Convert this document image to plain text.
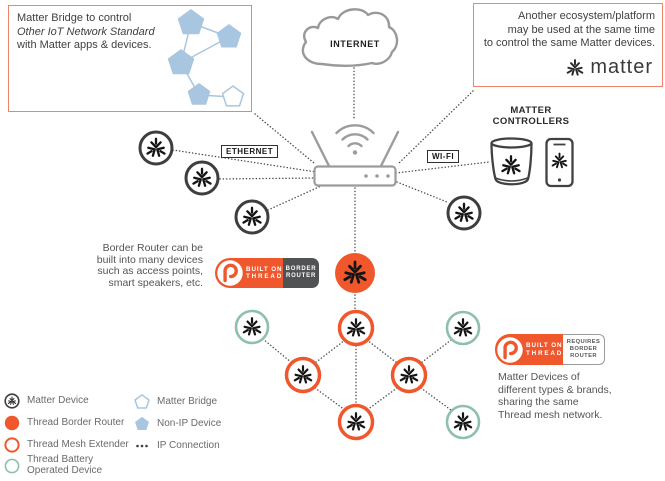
Matter Bridge to control
Other IoT Network Standard
with Matter apps & devices.
Another ecosystem/platform
may be used at the same time
to control the same Matter devices.
matter
INTERNET
ETHERNET
WI-FI
MATTER
CONTROLLERS
Border Router can be
built into many devices
such as access points,
smart speakers, etc.
Matter Devices of
different types & brands,
sharing the same
Thread mesh network.
BUILT ON
THREAD
BORDER
ROUTER
BUILT ON
THREAD
REQUIRES
BORDER
ROUTER
Matter Device
Thread Border Router
Thread Mesh Extender
Thread Battery
Operated Device
Matter Bridge
Non-IP Device
IP Connection
